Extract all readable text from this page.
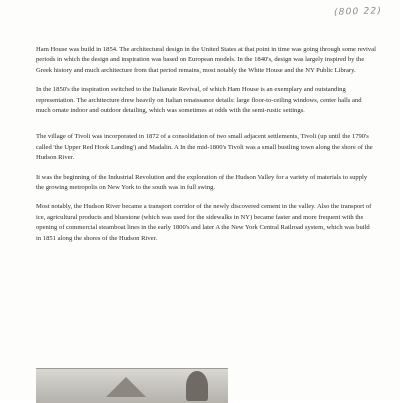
(800 22)

Ham House was build in 1854. The architectural design in the United States at that point in time was going through some revival periods in which the design and inspiration was based on European models. In the 1840's, design was largely inspired by the Greek history and much architecture from that period remains, most notably the White House and the NY Public Library.

In the 1850's the inspiration switched to the Italianate Revival, of which Ham House is an exemplary and outstanding representation. The architecture drew heavily on Italian renaissance details: large floor-to-ceiling windows, center halls and much ornate indoor and outdoor detailing, which was sometimes at odds with the semi-rustic settings.

The village of Tivoli was incorporated in 1872 of a consolidation of two small adjacent settlements, Tivoli (up until the 1790's called 'the Upper Red Hook Landing') and Madalin. A In the mid-1800's Tivoli was a small bustling town along the shore of the Hudson River.

It was the beginning of the Industrial Revolution and the exploration of the Hudson Valley for a variety of materials to supply the growing metropolis on New York to the south was in full swing.

Most notably, the Hudson River became a transport corridor of the newly discovered cement in the valley. Also the transport of ice, agricultural products and bluestone (which was used for the sidewalks in NY) became faster and more frequent with the opening of commercial steamboat lines in the early 1800's and later A the New York Central Railroad system, which was build in 1851 along the shores of the Hudson River.
